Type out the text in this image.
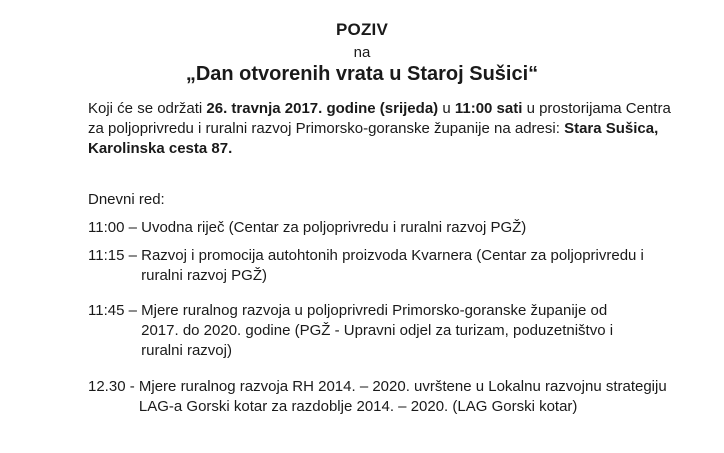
POZIV
na
„Dan otvorenih vrata u Staroj Sušici“
Koji će se održati 26. travnja 2017. godine (srijeda) u 11:00 sati u prostorijama Centra za poljoprivredu i ruralni razvoj Primorsko-goranske županije na adresi: Stara Sušica, Karolinska cesta 87.
Dnevni red:
11:00 – Uvodna riječ (Centar za poljoprivredu i ruralni razvoj PGŽ)
11:15 – Razvoj i promocija autohtonih proizvoda Kvarnera (Centar za poljoprivredu i ruralni razvoj PGŽ)
11:45 – Mjere ruralnog razvoja u poljoprivredi Primorsko-goranske županije od 2017. do 2020. godine (PGŽ - Upravni odjel za turizam, poduzetništvo i ruralni razvoj)
12.30 - Mjere ruralnog razvoja RH 2014. – 2020. uvrštene u Lokalnu razvojnu strategiju LAG-a Gorski kotar za razdoblje 2014. – 2020. (LAG Gorski kotar)
